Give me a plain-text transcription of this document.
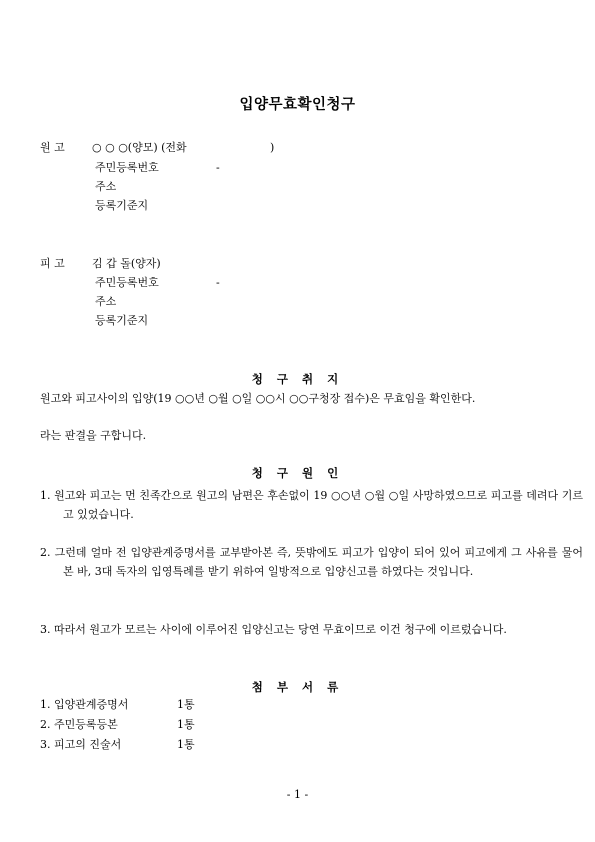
입양무효확인청구
원 고 ○ ○ ○(양모) (전화	)
주민등록번호	-
주소
등록기준지
피 고 김 갑 돌(양자)
주민등록번호	-
주소
등록기준지
청 구 취 지
원고와 피고사이의 입양(19 ○○년 ○월 ○일 ○○시 ○○구청장 접수)은 무효임을 확인한다.
라는 판결을 구합니다.
청 구 원 인
1. 원고와 피고는 먼 친족간으로 원고의 남편은 후손없이 19 ○○년 ○월 ○일 사망하였으므로 피고를 데려다 기르고 있었습니다.
2. 그런데 얼마 전 입양관계증명서를 교부받아본 즉, 뜻밖에도 피고가 입양이 되어 있어 피고에게 그 사유를 물어본 바, 3대 독자의 입영특례를 받기 위하여 일방적으로 입양신고를 하였다는 것입니다.
3. 따라서 원고가 모르는 사이에 이루어진 입양신고는 당연 무효이므로 이건 청구에 이르렀습니다.
첨 부 서 류
1. 입양관계증명서	1통
2. 주민등록등본	1통
3. 피고의 진술서	1통
- 1 -
